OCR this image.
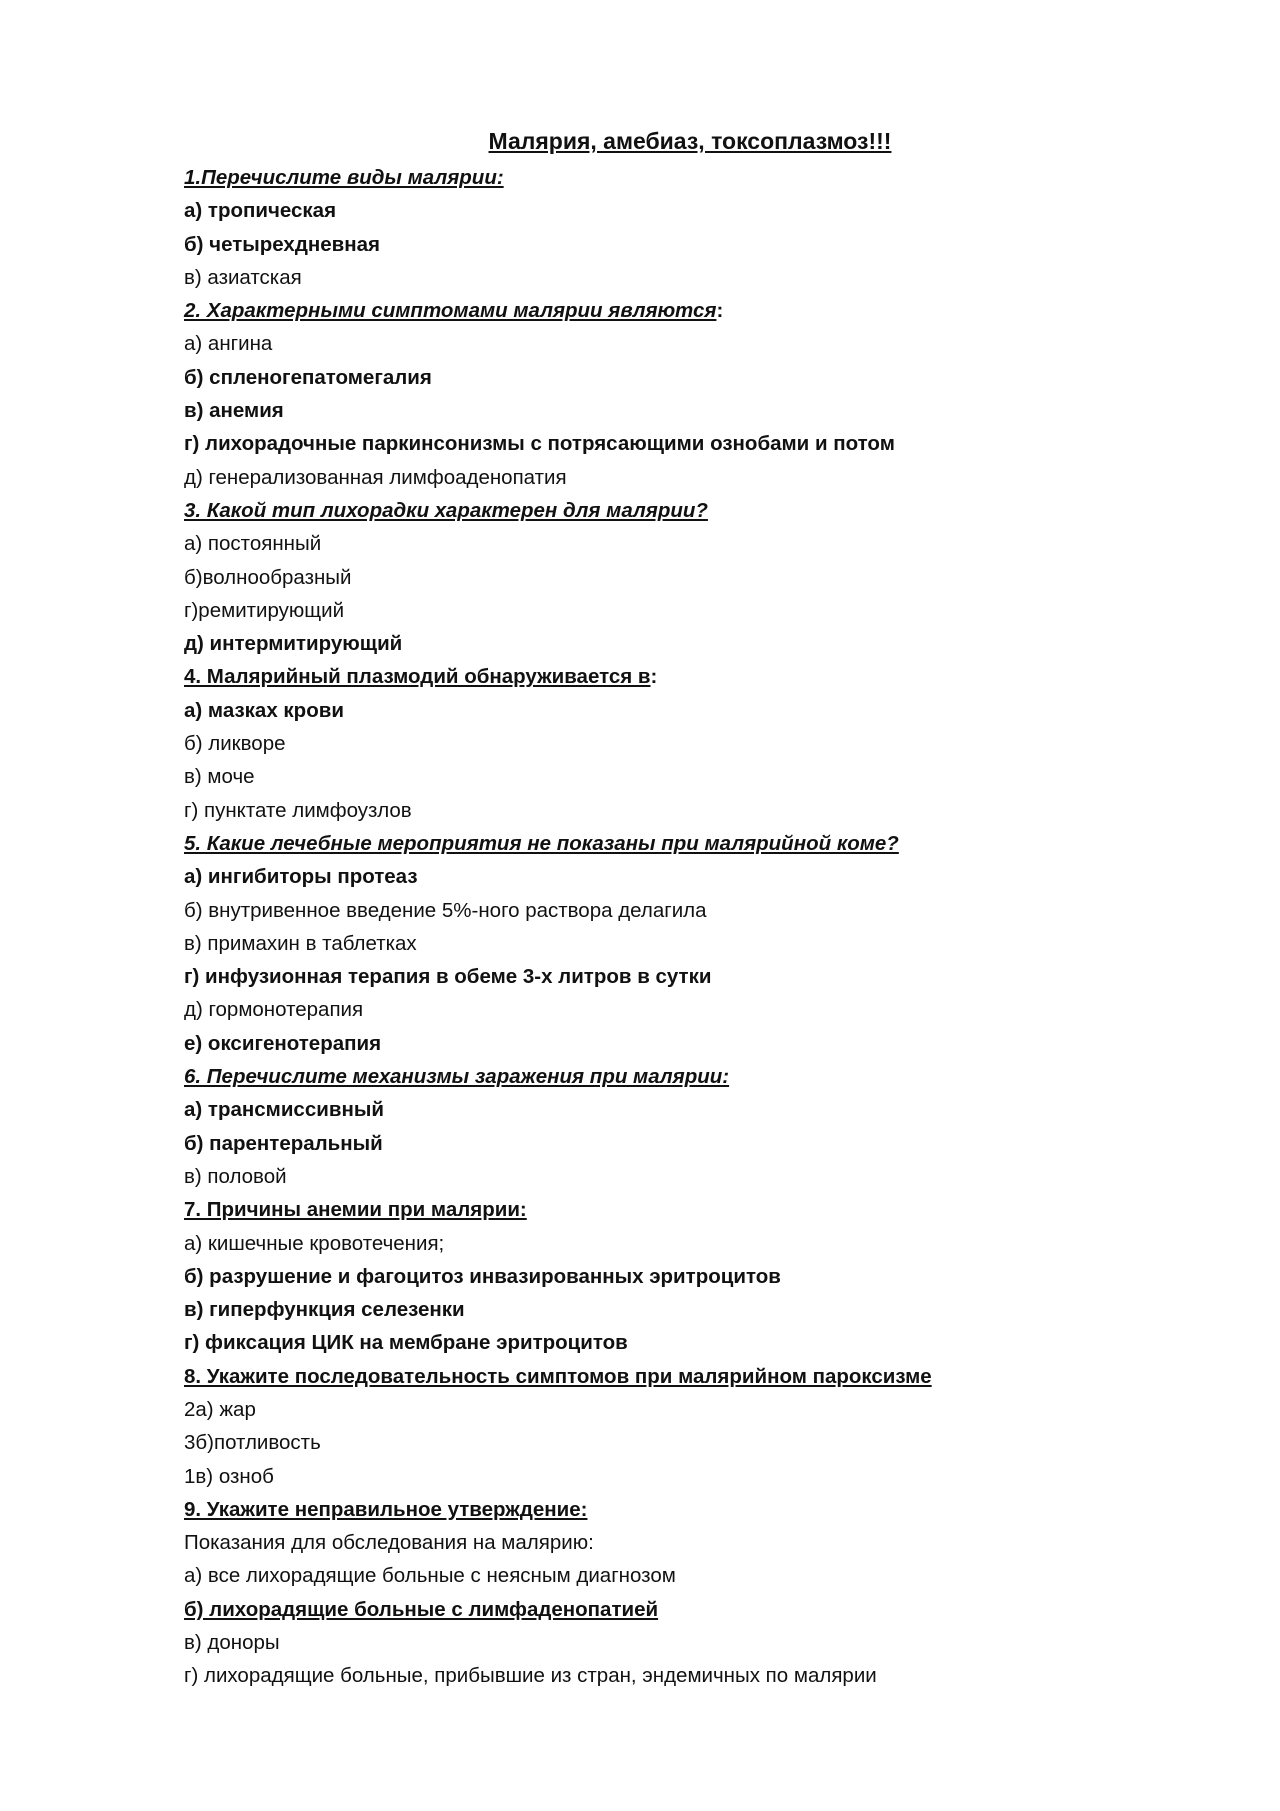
Малярия, амебиаз, токсоплазмоз!!!
1.Перечислите виды малярии:
а) тропическая
б) четырехдневная
в) азиатская
2. Характерными симптомами малярии являются:
а) ангина
б) спленогепатомегалия
в) анемия
г) лихорадочные паркинсонизмы с потрясающими ознобами и потом
д) генерализованная лимфоаденопатия
3. Какой тип лихорадки характерен для малярии?
а) постоянный
б)волнообразный
г)ремитирующий
д) интермитирующий
4. Малярийный плазмодий обнаруживается в:
а) мазках крови
б) ликворе
в) моче
г) пунктате лимфоузлов
5. Какие лечебные мероприятия не показаны при малярийной коме?
а) ингибиторы протеаз
б) внутривенное введение 5%-ного раствора делагила
в) примахин в таблетках
г) инфузионная терапия в обеме 3-х литров в сутки
д) гормонотерапия
е) оксигенотерапия
6. Перечислите механизмы заражения при малярии:
а) трансмиссивный
б) парентеральный
в) половой
7. Причины анемии при малярии:
а) кишечные кровотечения;
б) разрушение и фагоцитоз инвазированных эритроцитов
в) гиперфункция селезенки
г) фиксация ЦИК на мембране эритроцитов
8. Укажите последовательность симптомов при малярийном пароксизме
2а) жар
3б)потливость
1в) озноб
9. Укажите неправильное утверждение:
Показания для обследования на малярию:
а) все лихорадящие больные с неясным диагнозом
б) лихорадящие больные с лимфаденопатией
в) доноры
г) лихорадящие больные, прибывшие из стран, эндемичных по малярии
